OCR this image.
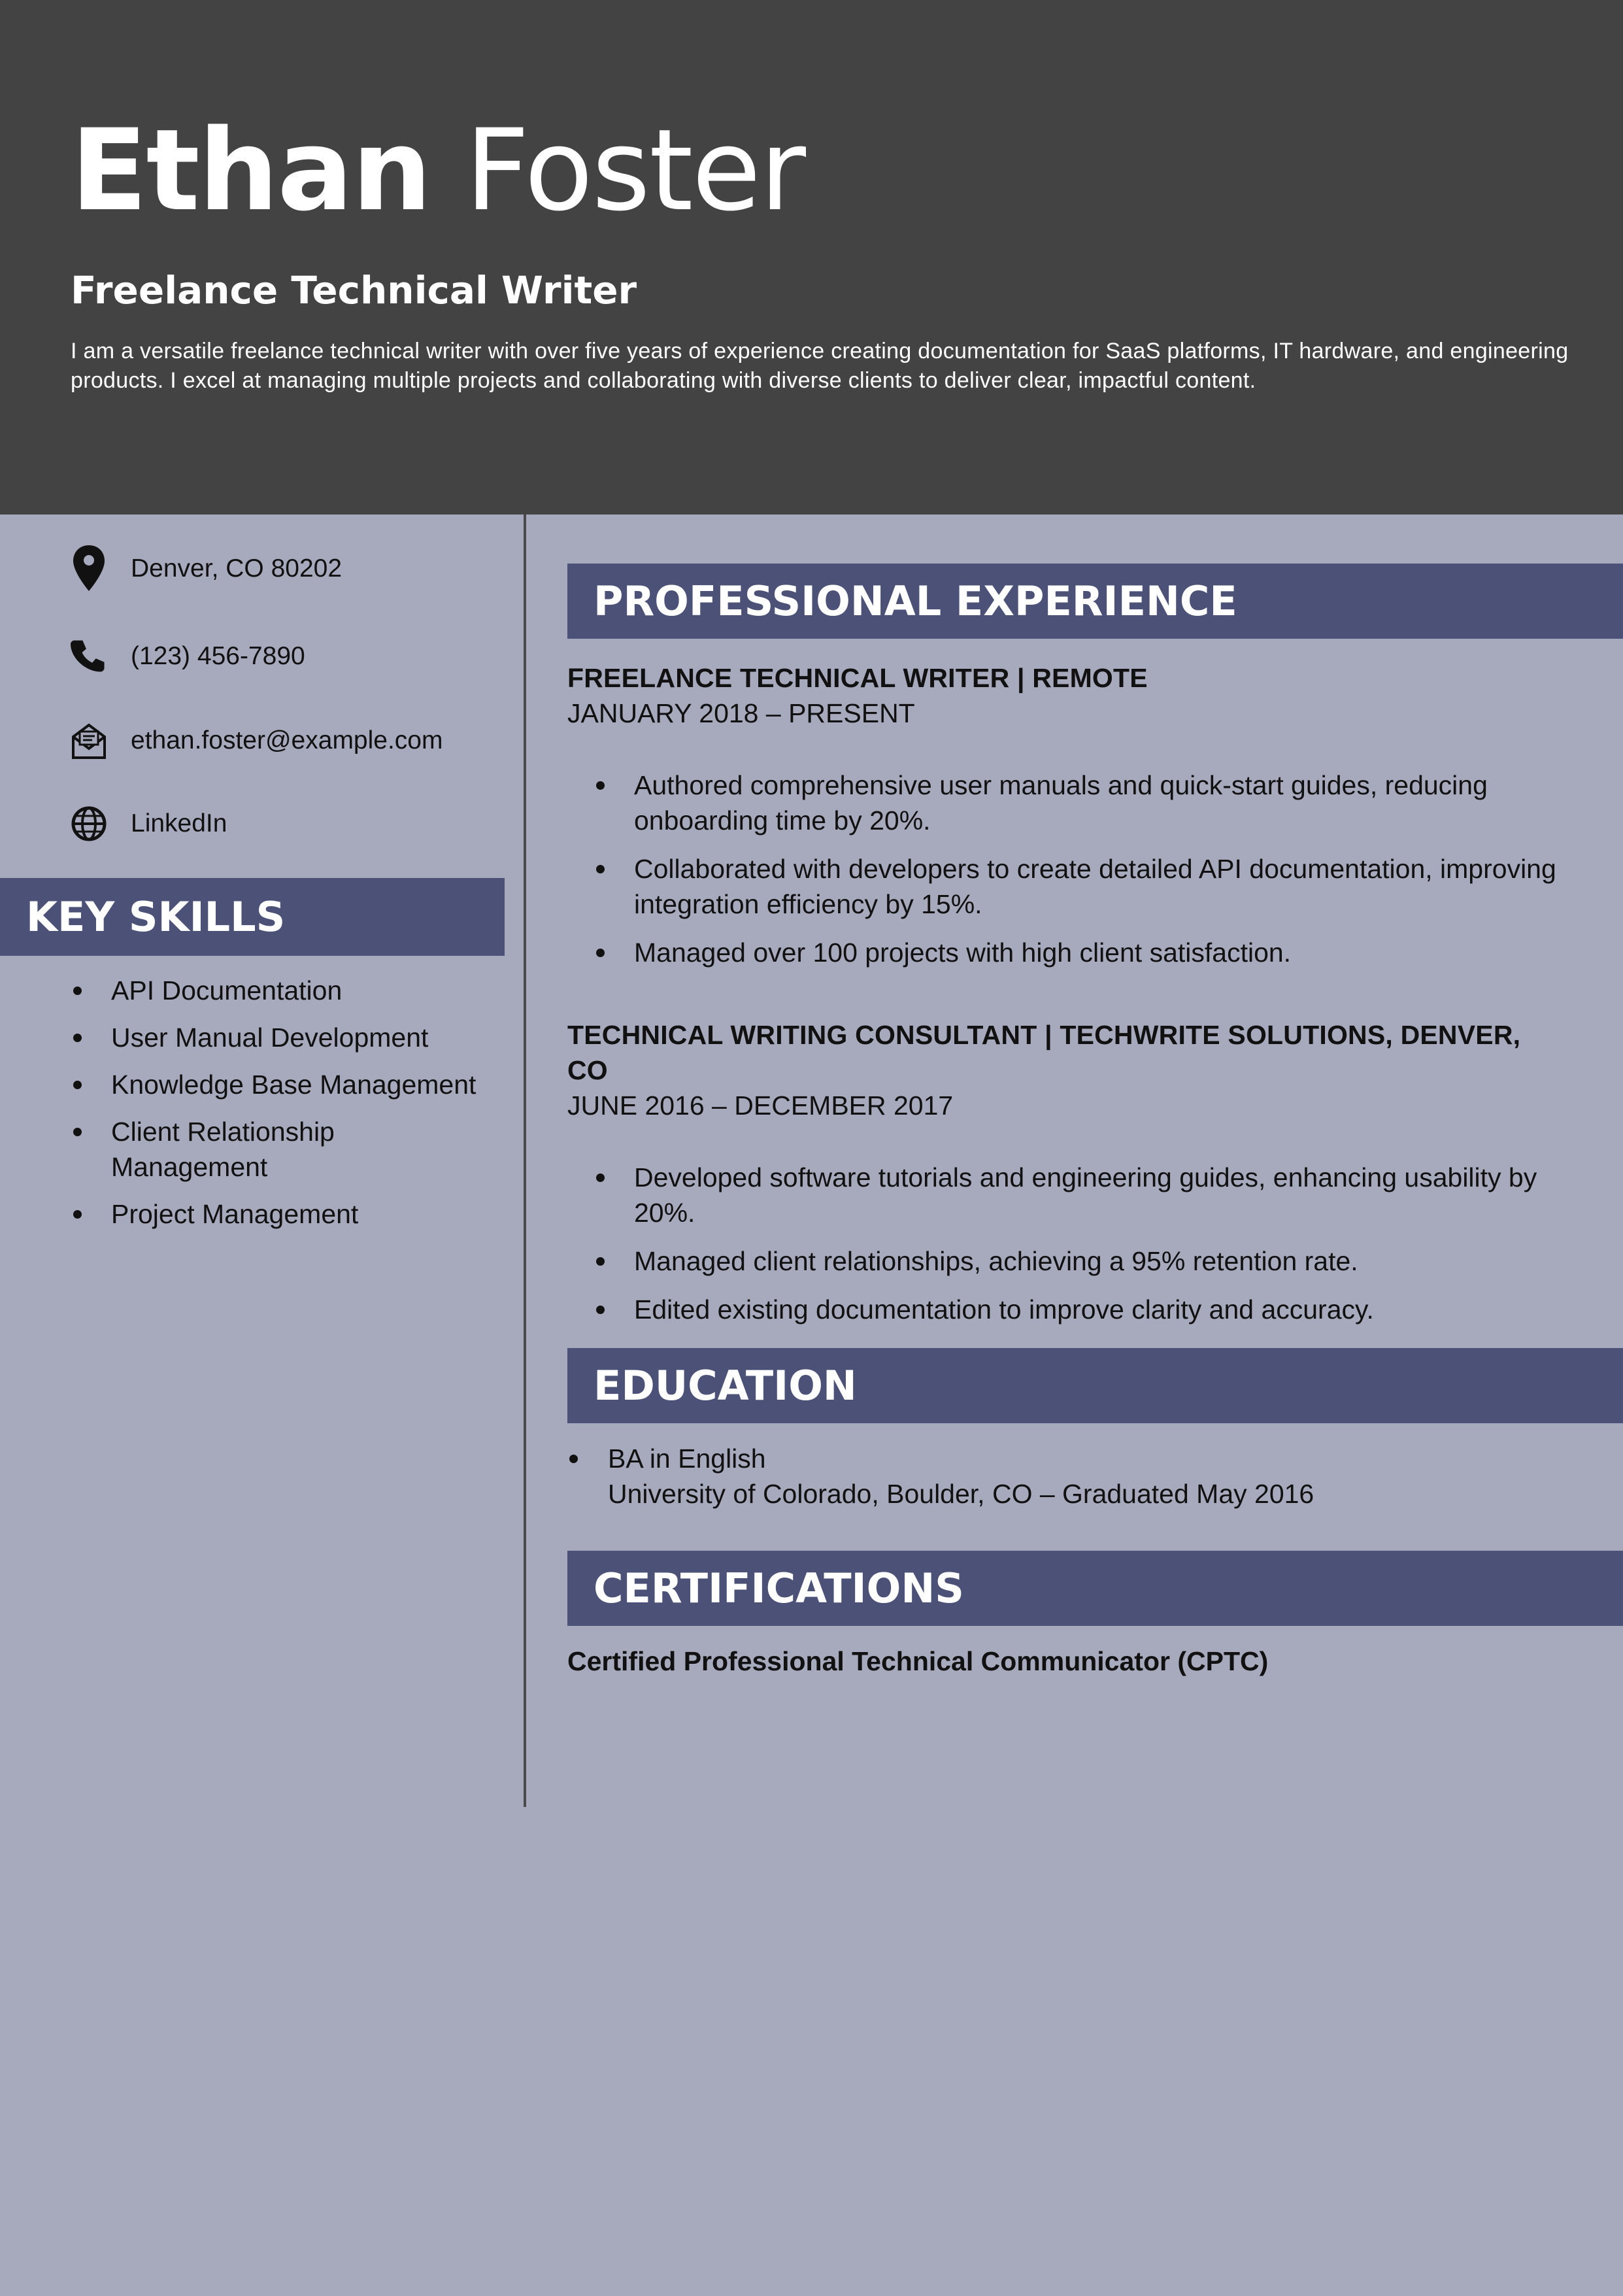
Ethan Foster
Freelance Technical Writer
I am a versatile freelance technical writer with over five years of experience creating documentation for SaaS platforms, IT hardware, and engineering products. I excel at managing multiple projects and collaborating with diverse clients to deliver clear, impactful content.
Denver, CO 80202
(123) 456-7890
ethan.foster@example.com
LinkedIn
KEY SKILLS
API Documentation
User Manual Development
Knowledge Base Management
Client Relationship Management
Project Management
PROFESSIONAL EXPERIENCE
FREELANCE TECHNICAL WRITER | REMOTE
JANUARY 2018 – PRESENT
Authored comprehensive user manuals and quick-start guides, reducing onboarding time by 20%.
Collaborated with developers to create detailed API documentation, improving integration efficiency by 15%.
Managed over 100 projects with high client satisfaction.
TECHNICAL WRITING CONSULTANT | TECHWRITE SOLUTIONS, DENVER, CO
JUNE 2016 – DECEMBER 2017
Developed software tutorials and engineering guides, enhancing usability by 20%.
Managed client relationships, achieving a 95% retention rate.
Edited existing documentation to improve clarity and accuracy.
EDUCATION
BA in English
University of Colorado, Boulder, CO – Graduated May 2016
CERTIFICATIONS
Certified Professional Technical Communicator (CPTC)
